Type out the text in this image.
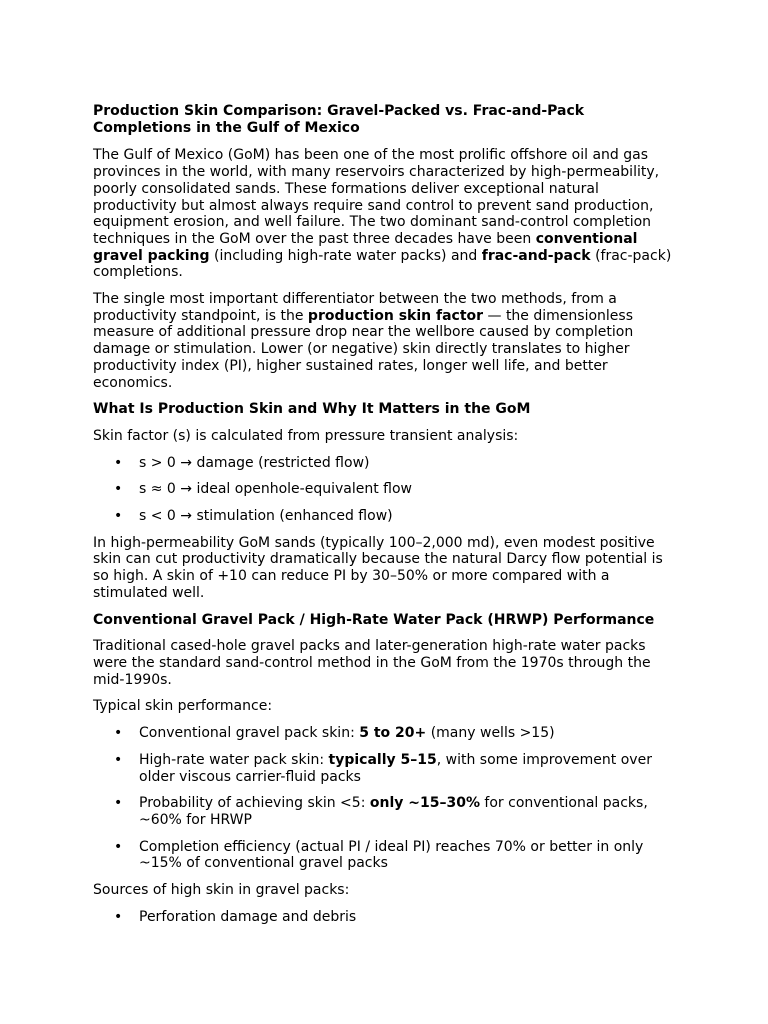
Production Skin Comparison: Gravel-Packed vs. Frac-and-Pack Completions in the Gulf of Mexico

The Gulf of Mexico (GoM) has been one of the most prolific offshore oil and gas provinces in the world, with many reservoirs characterized by high-permeability, poorly consolidated sands. These formations deliver exceptional natural productivity but almost always require sand control to prevent sand production, equipment erosion, and well failure. The two dominant sand-control completion techniques in the GoM over the past three decades have been conventional gravel packing (including high-rate water packs) and frac-and-pack (frac-pack) completions.

The single most important differentiator between the two methods, from a productivity standpoint, is the production skin factor — the dimensionless measure of additional pressure drop near the wellbore caused by completion damage or stimulation. Lower (or negative) skin directly translates to higher productivity index (PI), higher sustained rates, longer well life, and better economics.

What Is Production Skin and Why It Matters in the GoM

Skin factor (s) is calculated from pressure transient analysis:

• s > 0 → damage (restricted flow)
• s ≈ 0 → ideal openhole-equivalent flow
• s < 0 → stimulation (enhanced flow)

In high-permeability GoM sands (typically 100–2,000 md), even modest positive skin can cut productivity dramatically because the natural Darcy flow potential is so high. A skin of +10 can reduce PI by 30–50% or more compared with a stimulated well.

Conventional Gravel Pack / High-Rate Water Pack (HRWP) Performance

Traditional cased-hole gravel packs and later-generation high-rate water packs were the standard sand-control method in the GoM from the 1970s through the mid-1990s.

Typical skin performance:

• Conventional gravel pack skin: 5 to 20+ (many wells >15)
• High-rate water pack skin: typically 5–15, with some improvement over older viscous carrier-fluid packs
• Probability of achieving skin <5: only ~15–30% for conventional packs, ~60% for HRWP
• Completion efficiency (actual PI / ideal PI) reaches 70% or better in only ~15% of conventional gravel packs

Sources of high skin in gravel packs:

• Perforation damage and debris
